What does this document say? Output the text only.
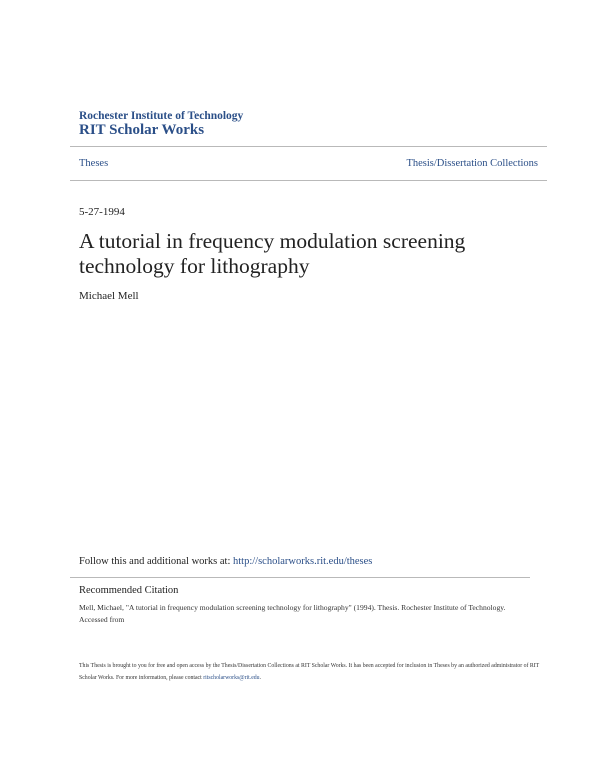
Rochester Institute of Technology
RIT Scholar Works
Theses	Thesis/Dissertation Collections
5-27-1994
A tutorial in frequency modulation screening technology for lithography
Michael Mell
Follow this and additional works at: http://scholarworks.rit.edu/theses
Recommended Citation
Mell, Michael, "A tutorial in frequency modulation screening technology for lithography" (1994). Thesis. Rochester Institute of Technology. Accessed from
This Thesis is brought to you for free and open access by the Thesis/Dissertation Collections at RIT Scholar Works. It has been accepted for inclusion in Theses by an authorized administrator of RIT Scholar Works. For more information, please contact ritscholarworks@rit.edu.
